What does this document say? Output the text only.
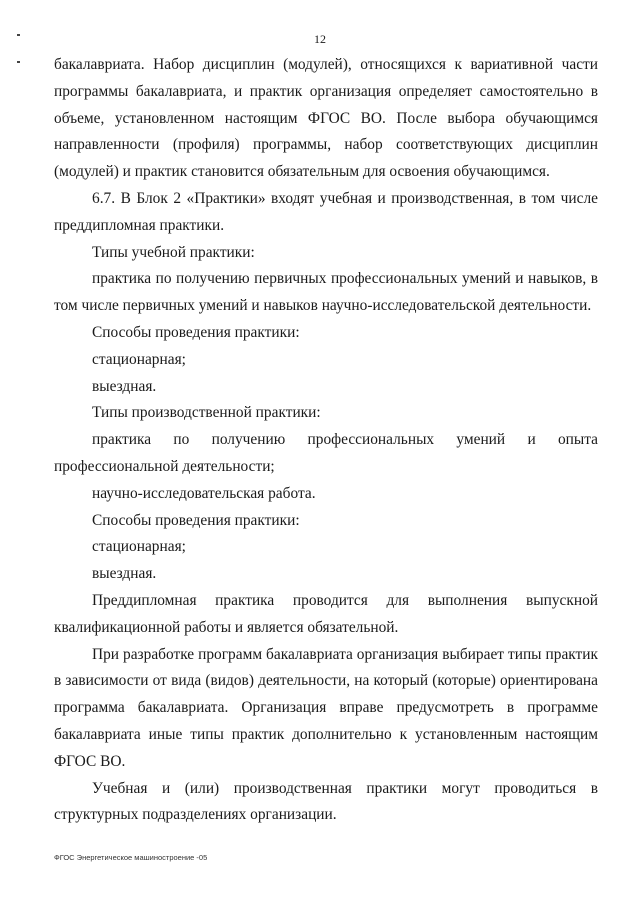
12

бакалавриата. Набор дисциплин (модулей), относящихся к вариативной части программы бакалавриата, и практик организация определяет самостоятельно в объеме, установленном настоящим ФГОС ВО. После выбора обучающимся направленности (профиля) программы, набор соответствующих дисциплин (модулей) и практик становится обязательным для освоения обучающимся.

6.7. В Блок 2 «Практики» входят учебная и производственная, в том числе преддипломная практики.

Типы учебной практики:

практика по получению первичных профессиональных умений и навыков, в том числе первичных умений и навыков научно-исследовательской деятельности.

Способы проведения практики:

стационарная;

выездная.

Типы производственной практики:

практика по получению профессиональных умений и опыта профессиональной деятельности;

научно-исследовательская работа.

Способы проведения практики:

стационарная;

выездная.

Преддипломная практика проводится для выполнения выпускной квалификационной работы и является обязательной.

При разработке программ бакалавриата организация выбирает типы практик в зависимости от вида (видов) деятельности, на который (которые) ориентирована программа бакалавриата. Организация вправе предусмотреть в программе бакалавриата иные типы практик дополнительно к установленным настоящим ФГОС ВО.

Учебная и (или) производственная практики могут проводиться в структурных подразделениях организации.

ФГОС Энергетическое машиностроение -05
